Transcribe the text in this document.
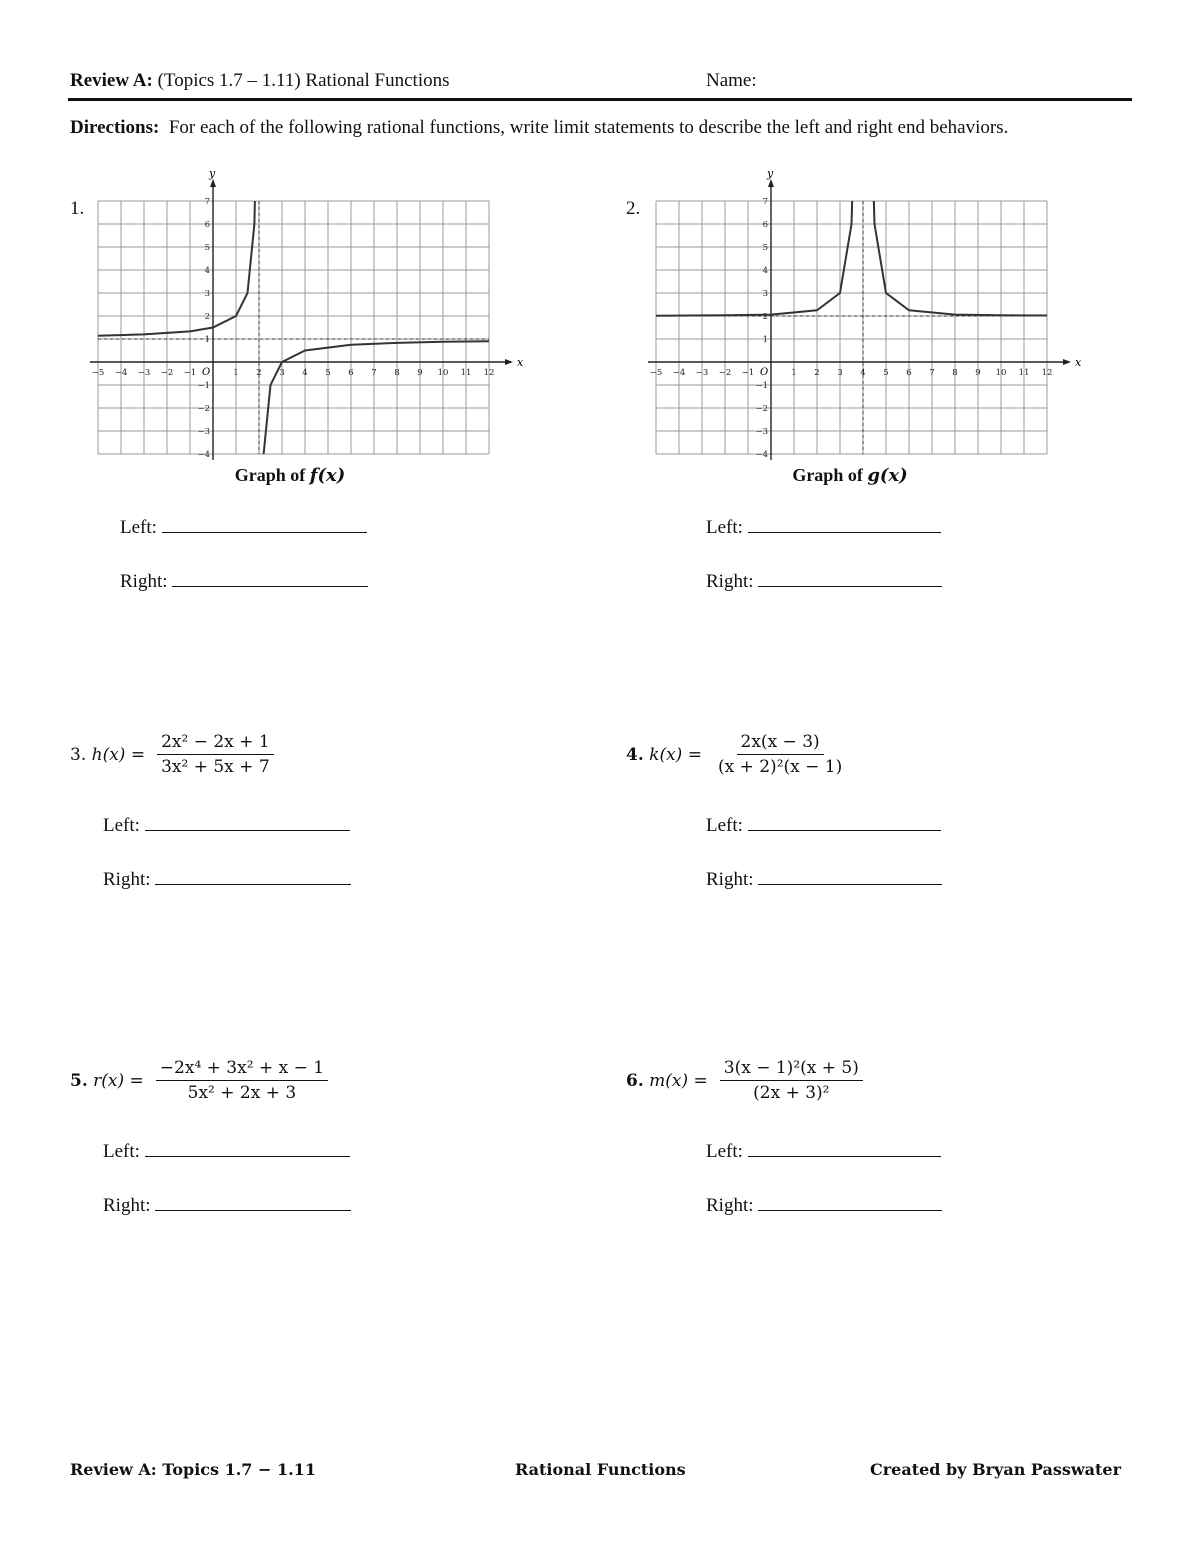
Review A: (Topics 1.7 – 1.11) Rational Functions	Name:
Directions: For each of the following rational functions, write limit statements to describe the left and right end behaviors.
1.
x
y
O
−5 −4 −3 −2 −1	1 2 3 4 5 6 7 8 9 10 11 12
−4
−3
−2
−1
1
2
3
4
5
6
7
Graph of f(x)
Left:
Right:
2.
x
y
O
−5 −4 −3 −2 −1	1 2 3 4 5 6 7 8 9 10 11 12
−4
−3
−2
−1
1
2
3
4
5
6
7
Graph of g(x)
Left:
Right:
3. $h(x) = \frac{\text{2x² − 2x + 1}}{\text{3x² + 5x + 7}}$
Left:
Right:
4. $k(x) = \frac{2x(x - 3)}{\text{(x + 2)²(x − 1)}}$
Left:
Right:
5. $r(x) = \frac{\text{−2x⁴ + 3x² + x − 1}}{\text{5x² + 2x + 3}}$
Left:
Right:
6. $m(x) = \frac{\text{3(x − 1)²(x + 5)}}{\text{(2x + 3)²}}$
Left:
Right:
Review A: Topics 1.7 − 1.11	Rational Functions	Created by Bryan Passwater
